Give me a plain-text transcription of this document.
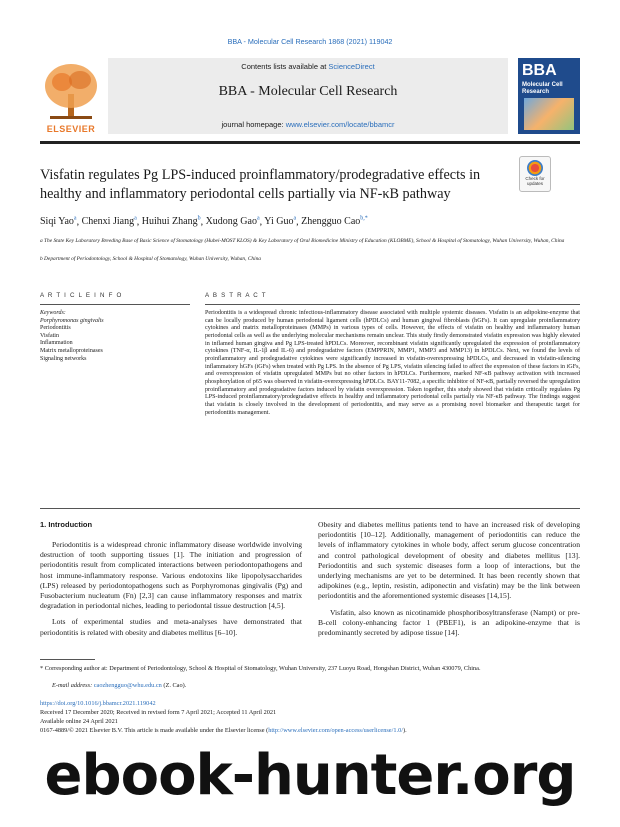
BBA - Molecular Cell Research 1868 (2021) 119042
ELSEVIER
Contents lists available at ScienceDirect
BBA - Molecular Cell Research
journal homepage: www.elsevier.com/locate/bbamcr
BBA
Molecular Cell Research
Visfatin regulates Pg LPS-induced proinflammatory/prodegradative effects in healthy and inflammatory periodontal cells partially via NF-κB pathway
Check for updates
Siqi Yao$^a$, Chenxi Jiang$^a$, Huihui Zhang$^b$, Xudong Gao$^a$, Yi Guo$^a$, Zhengguo Cao$^{b,*}$
a The State Key Laboratory Breeding Base of Basic Science of Stomatology (Hubei-MOST KLOS) & Key Laboratory of Oral Biomedicine Ministry of Education (KLOBME), School & Hospital of Stomatology, Wuhan University, Wuhan, China
b Department of Periodontology, School & Hospital of Stomatology, Wuhan University, Wuhan, China
A R T I C L E I N F O	A B S T R A C T
Keywords:
Porphyromonas gingivalis
Periodontitis
Visfatin
Inflammation
Matrix metalloproteinases
Signaling networks
Periodontitis is a widespread chronic infectious-inflammatory disease associated with multiple systemic diseases. Visfatin is an adipokine-enzyme that can be locally produced by human periodontal ligament cells (hPDLCs) and human gingival fibroblasts (hGFs). It can upregulate proinflammatory cytokines and matrix metalloproteinases (MMPs) in various types of cells. However, the effects of visfatin on healthy and inflammatory human periodontal cells as well as the underlying molecular mechanisms remain unclear. This study firstly demonstrated visfatin expression was highly elevated in inflamed human gingiva and Pg LPS-treated hPDLCs. Moreover, recombinant visfatin significantly upregulated the expression of proinflammatory cytokines (TNF-α, IL-1β and IL-6) and prodegradative factors (EMPPRIN, MMP1, MMP3 and MMP13) in hPDLCs. Next, we found the levels of proinflammatory and prodegradative cytokines were significantly increased in visfatin-overexpressing hPDLCs, and decreased in visfatin-silencing inflammatory hGFs (iGFs) when treated with Pg LPS. In the absence of Pg LPS, visfatin silencing failed to affect the expression of these factors in iGFs, and overexpression of visfatin upregulated MMPs but no other factors in hPDLCs. Furthermore, marked NF-κB pathway activation with increased phosphorylation of p65 was observed in visfatin-overexpressing hPDLCs. BAY11-7082, a specific inhibitor of NF-κB, partially reversed the upregulation proinflammatory and prodegradative factors induced by visfatin overexpression. Taken together, this study showed that visfatin critically regulates Pg LPS-induced proinflammatory/prodegradative effects in healthy and inflammatory periodontal cells partially via NF-κB pathway. The findings suggest that visfatin is closely involved in the development of periodontitis, and may serve as a promising novel biomarker and therapeutic target for periodontitis management.
1. Introduction

Periodontitis is a widespread chronic inflammatory disease worldwide involving destruction of tooth supporting tissues [1]. The initiation and progression of periodontitis result from complicated interactions between periodontopathogens and host immune-inflammatory response. Various endotoxins like lipopolysaccharides (LPS) released by periodontopathogens such as Porphyromonas gingivalis (Pg) and Fusobacterium nucleatum (Fn) [2,3] can cause inflammatory responses and matrix degradation in periodontal niches, leading to periodontal tissue destruction [4,5].

Lots of experimental studies and meta-analyses have demonstrated that periodontitis is related with obesity and diabetes mellitus [6–10].

Obesity and diabetes mellitus patients tend to have an increased risk of developing periodontitis [10–12]. Additionally, management of periodontitis can reduce the levels of inflammatory cytokines in whole body, affect serum glucose concentration and control pathological development of obesity and diabetes mellitus [13]. Periodontitis and such systemic diseases form a loop of interactions, but the underlying mechanisms are yet to be determined. It has been recently shown that adipokines (e.g., leptin, resistin, adiponectin and visfatin) may be the link between periodontitis and the aforementioned systemic diseases [14,15].

Visfatin, also known as nicotinamide phosphoribosyltransferase (Nampt) or pre-B-cell colony-enhancing factor 1 (PBEF1), is an adipokine-enzyme that is predominantly secreted by adipose tissue [14].

* Corresponding author at: Department of Periodontology, School & Hospital of Stomatology, Wuhan University, 237 Luoyu Road, Hongshan District, Wuhan 430079, China.
E-mail address: caozhengguo@whu.edu.cn (Z. Cao).
https://doi.org/10.1016/j.bbamcr.2021.119042
Received 17 December 2020; Received in revised form 7 April 2021; Accepted 11 April 2021
Available online 24 April 2021
0167-4889/© 2021 Elsevier B.V. This article is made available under the Elsevier license (http://www.elsevier.com/open-access/userlicense/1.0/).
ebook-hunter.org
